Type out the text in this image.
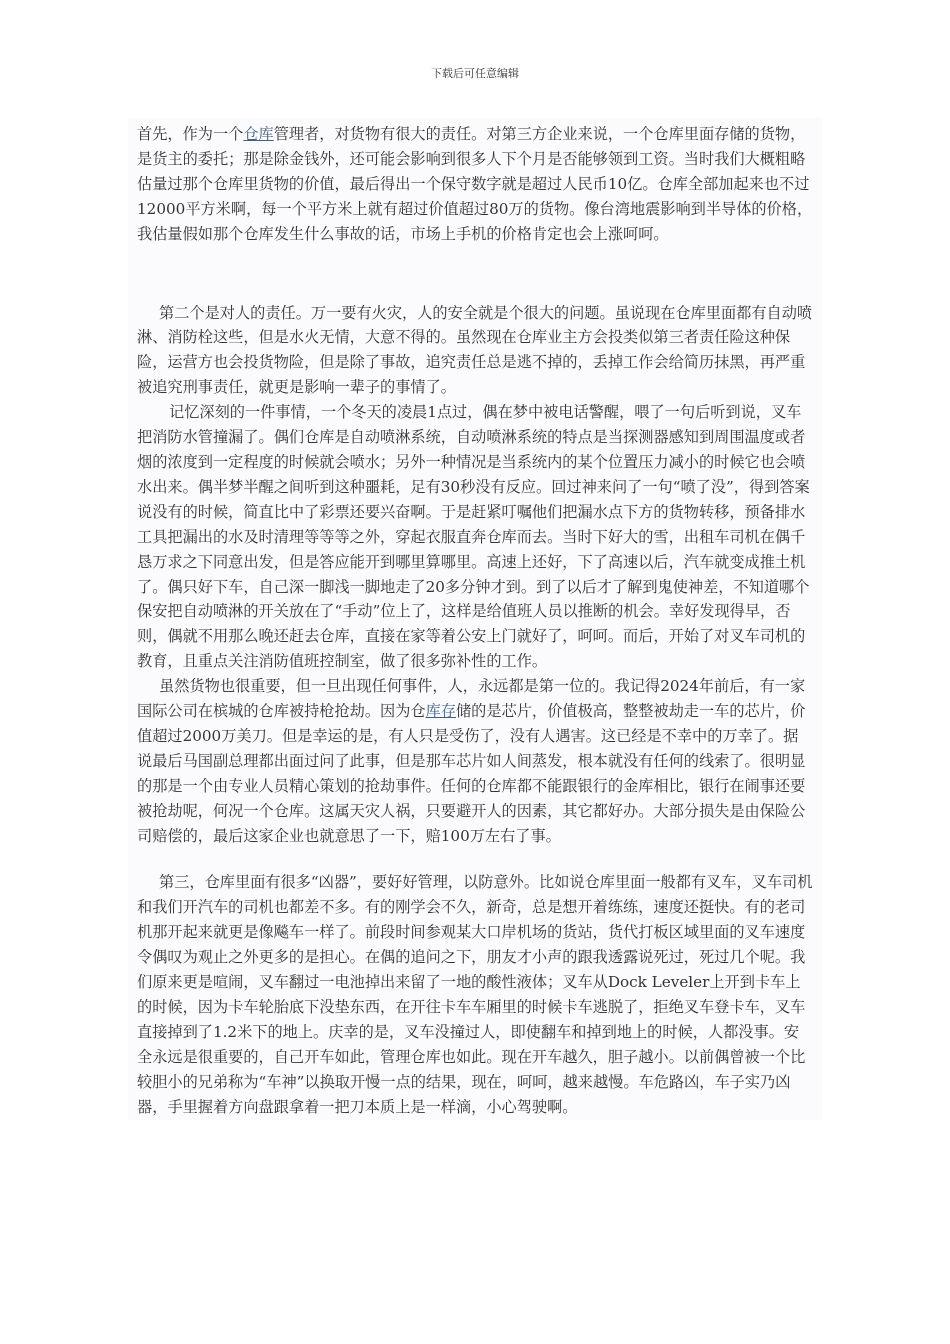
下载后可任意编辑

首先，作为一个仓库管理者，对货物有很大的责任。对第三方企业来说，一个仓库里面存储的货物，是货主的委托；那是除金钱外，还可能会影响到很多人下个月是否能够领到工资。当时我们大概粗略估量过那个仓库里货物的价值，最后得出一个保守数字就是超过人民币10亿。仓库全部加起来也不过12000平方米啊，每一个平方米上就有超过价值超过80万的货物。像台湾地震影响到半导体的价格，我估量假如那个仓库发生什么事故的话，市场上手机的价格肯定也会上涨呵呵。

第二个是对人的责任。万一要有火灾，人的安全就是个很大的问题。虽说现在仓库里面都有自动喷淋、消防栓这些，但是水火无情，大意不得的。虽然现在仓库业主方会投类似第三者责任险这种保险，运营方也会投货物险，但是除了事故，追究责任总是逃不掉的，丢掉工作会给简历抹黑，再严重被追究刑事责任，就更是影响一辈子的事情了。

记忆深刻的一件事情，一个冬天的凌晨1点过，偶在梦中被电话警醒，喂了一句后听到说，叉车把消防水管撞漏了。偶们仓库是自动喷淋系统，自动喷淋系统的特点是当探测器感知到周围温度或者烟的浓度到一定程度的时候就会喷水；另外一种情况是当系统内的某个位置压力减小的时候它也会喷水出来。偶半梦半醒之间听到这种噩耗，足有30秒没有反应。回过神来问了一句“喷了没”，得到答案说没有的时候，简直比中了彩票还要兴奋啊。于是赶紧叮嘱他们把漏水点下方的货物转移，预备排水工具把漏出的水及时清理等等等之外，穿起衣服直奔仓库而去。当时下好大的雪，出租车司机在偶千恳万求之下同意出发，但是答应能开到哪里算哪里。高速上还好，下了高速以后，汽车就变成推土机了。偶只好下车，自己深一脚浅一脚地走了20多分钟才到。到了以后才了解到鬼使神差，不知道哪个保安把自动喷淋的开关放在了“手动”位上了，这样是给值班人员以推断的机会。幸好发现得早，否则，偶就不用那么晚还赶去仓库，直接在家等着公安上门就好了，呵呵。而后，开始了对叉车司机的教育，且重点关注消防值班控制室，做了很多弥补性的工作。

虽然货物也很重要，但一旦出现任何事件，人，永远都是第一位的。我记得2024年前后，有一家国际公司在槟城的仓库被持枪抢劫。因为仓库存储的是芯片，价值极高，整整被劫走一车的芯片，价值超过2000万美刀。但是幸运的是，有人只是受伤了，没有人遇害。这已经是不幸中的万幸了。据说最后马国副总理都出面过问了此事，但是那车芯片如人间蒸发，根本就没有任何的线索了。很明显的那是一个由专业人员精心策划的抢劫事件。任何的仓库都不能跟银行的金库相比，银行在闹事还要被抢劫呢，何况一个仓库。这属天灾人祸，只要避开人的因素，其它都好办。大部分损失是由保险公司赔偿的，最后这家企业也就意思了一下，赔100万左右了事。

第三，仓库里面有很多“凶器”，要好好管理，以防意外。比如说仓库里面一般都有叉车，叉车司机和我们开汽车的司机也都差不多。有的刚学会不久，新奇，总是想开着练练，速度还挺快。有的老司机那开起来就更是像飚车一样了。前段时间参观某大口岸机场的货站，货代打板区域里面的叉车速度令偶叹为观止之外更多的是担心。在偶的追问之下，朋友才小声的跟我透露说死过，死过几个呢。我们原来更是喧闹，叉车翻过一电池掉出来留了一地的酸性液体；叉车从Dock Leveler上开到卡车上的时候，因为卡车轮胎底下没垫东西，在开往卡车车厢里的时候卡车逃脱了，拒绝叉车登卡车，叉车直接掉到了1.2米下的地上。庆幸的是，叉车没撞过人，即使翻车和掉到地上的时候，人都没事。安全永远是很重要的，自己开车如此，管理仓库也如此。现在开车越久，胆子越小。以前偶曾被一个比较胆小的兄弟称为“车神”以换取开慢一点的结果，现在，呵呵，越来越慢。车危路凶，车子实乃凶器，手里握着方向盘跟拿着一把刀本质上是一样滴，小心驾驶啊。
